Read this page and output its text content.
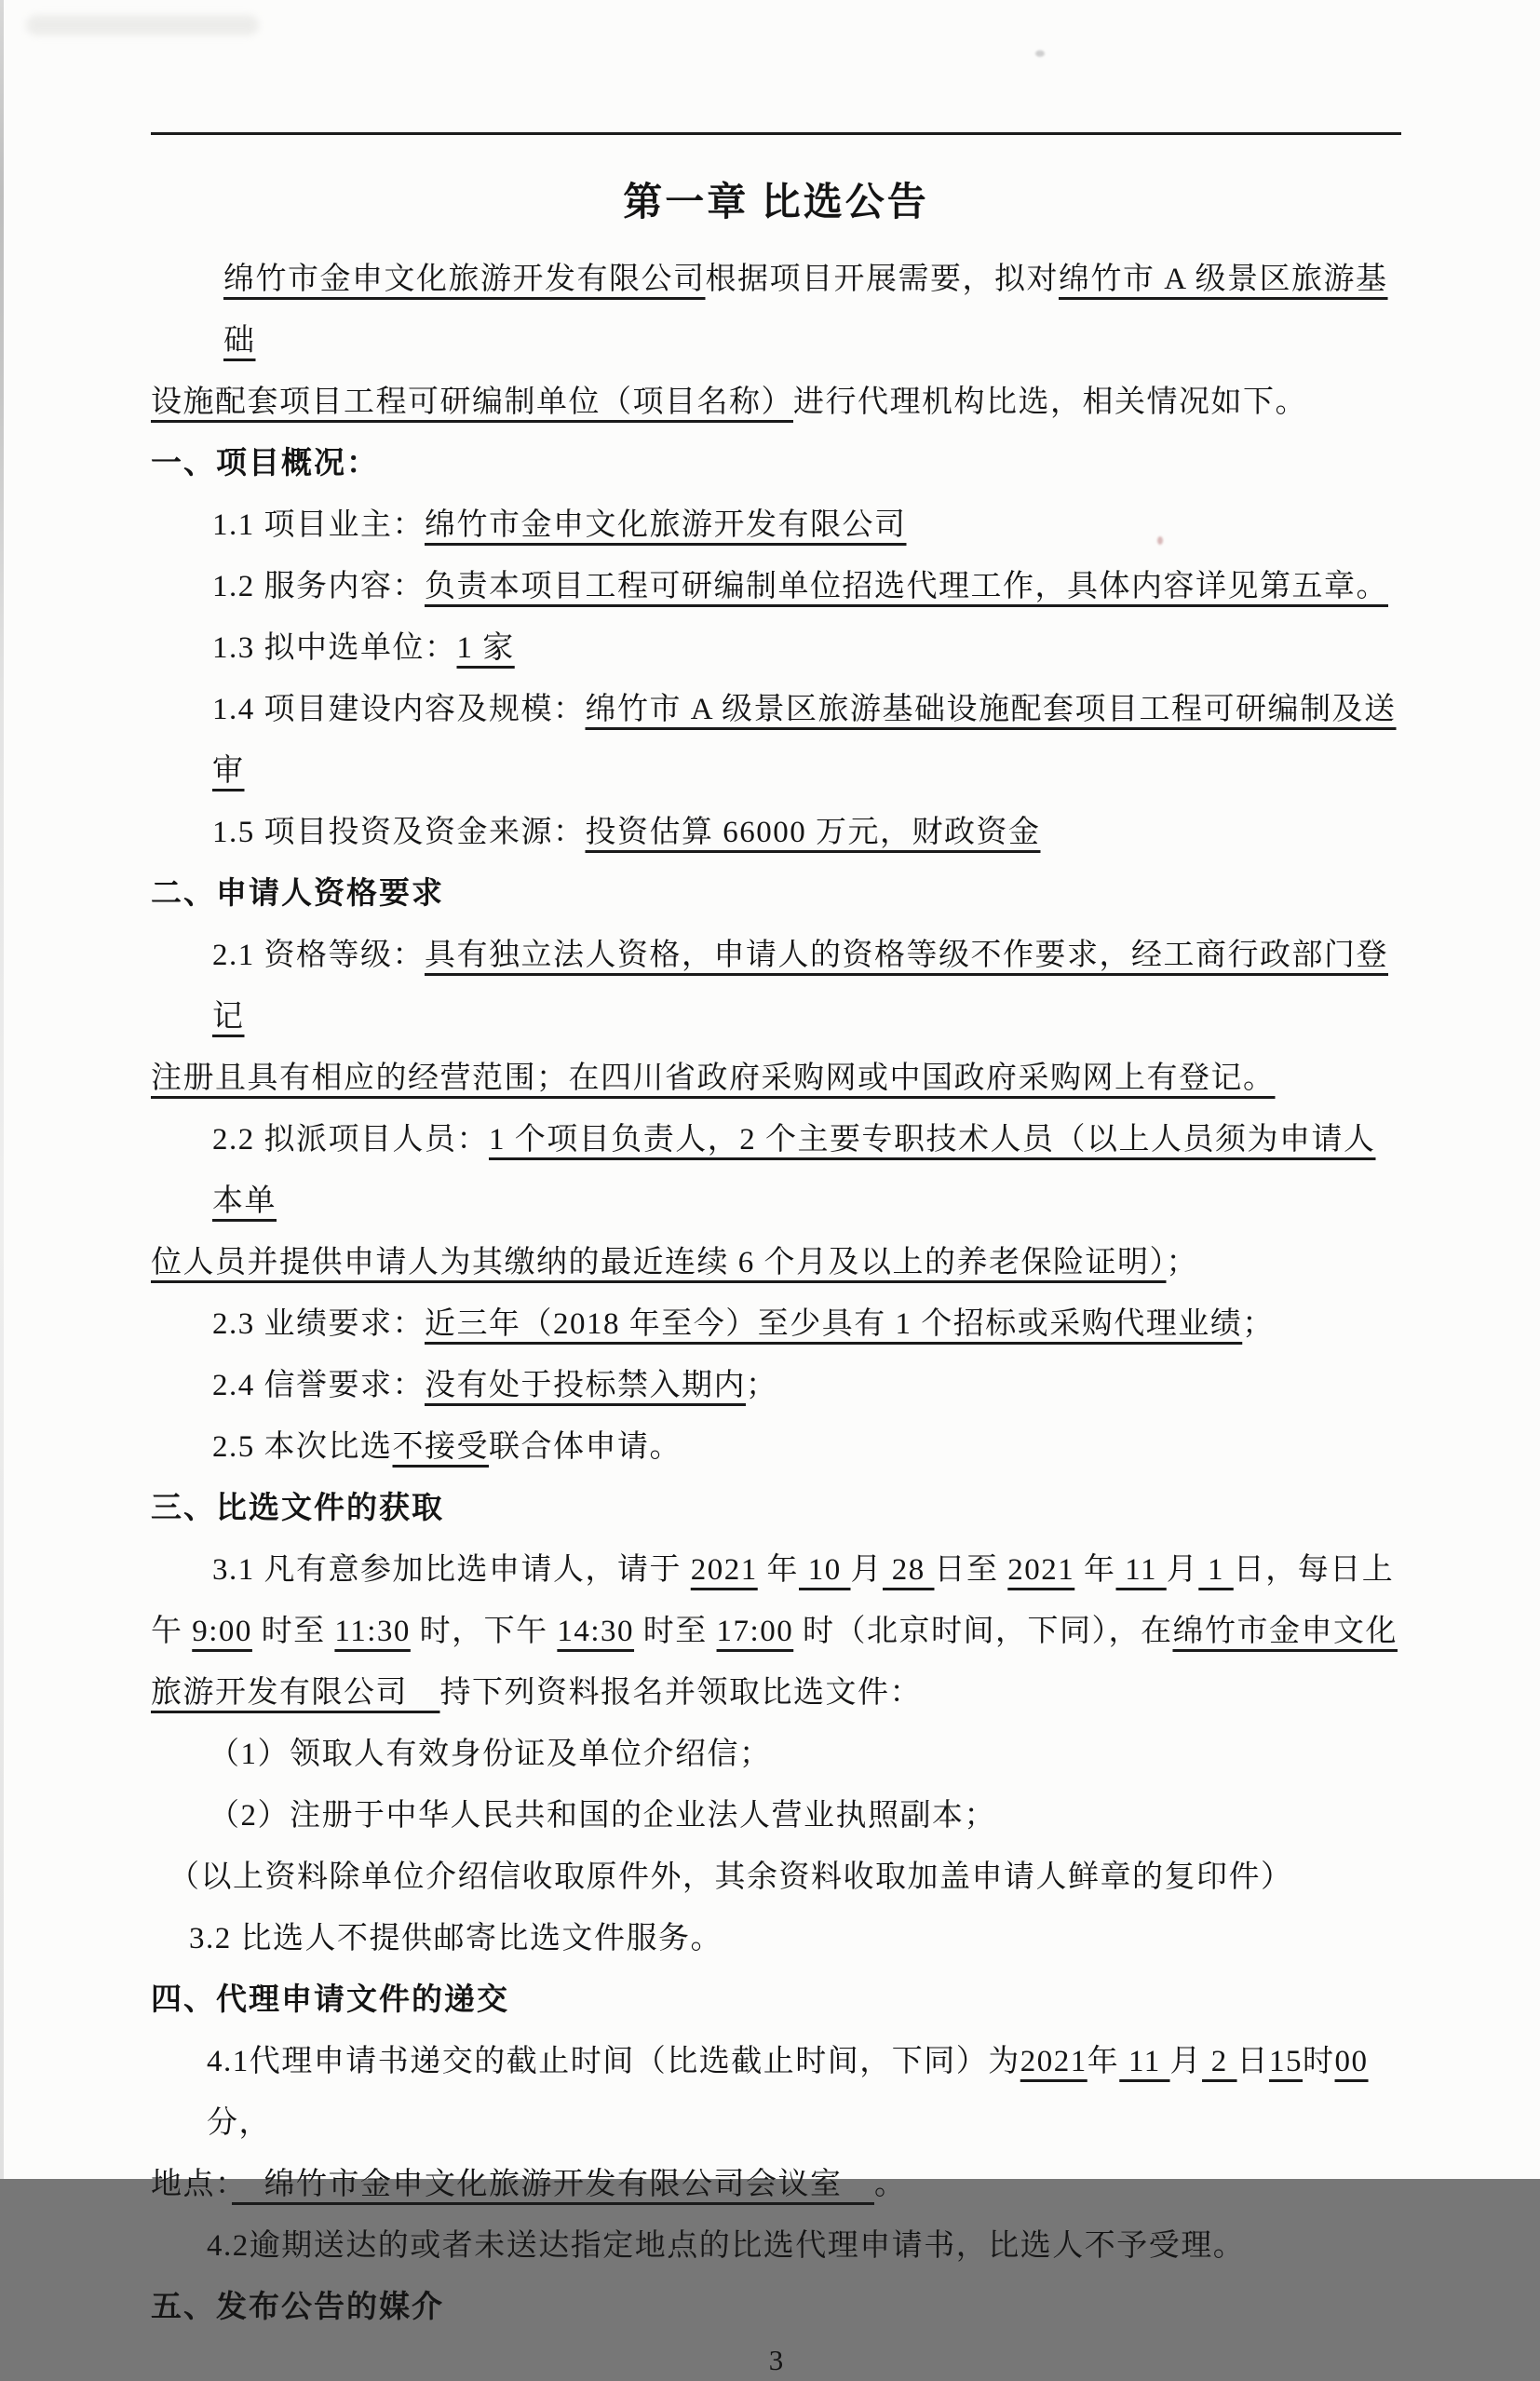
第一章 比选公告
绵竹市金申文化旅游开发有限公司根据项目开展需要，拟对绵竹市 A 级景区旅游基础
设施配套项目工程可研编制单位（项目名称）进行代理机构比选，相关情况如下。
一、项目概况：
1.1 项目业主：绵竹市金申文化旅游开发有限公司
1.2 服务内容：负责本项目工程可研编制单位招选代理工作，具体内容详见第五章。
1.3 拟中选单位：1 家
1.4 项目建设内容及规模：绵竹市 A 级景区旅游基础设施配套项目工程可研编制及送审
1.5 项目投资及资金来源：投资估算 66000 万元，财政资金
二、申请人资格要求
2.1 资格等级：具有独立法人资格，申请人的资格等级不作要求，经工商行政部门登记
注册且具有相应的经营范围；在四川省政府采购网或中国政府采购网上有登记。
2.2 拟派项目人员：1 个项目负责人，2 个主要专职技术人员（以上人员须为申请人本单
位人员并提供申请人为其缴纳的最近连续 6 个月及以上的养老保险证明）；
2.3 业绩要求：近三年（2018 年至今）至少具有 1 个招标或采购代理业绩；
2.4 信誉要求：没有处于投标禁入期内；
2.5 本次比选不接受联合体申请。
三、比选文件的获取
3.1 凡有意参加比选申请人，请于 2021 年 10 月 28 日至 2021 年 11 月 1 日，每日上
午 9:00 时至 11:30 时，下午 14:30 时至 17:00 时（北京时间，下同），在绵竹市金申文化
旅游开发有限公司　持下列资料报名并领取比选文件：
（1）领取人有效身份证及单位介绍信；
（2）注册于中华人民共和国的企业法人营业执照副本；
（以上资料除单位介绍信收取原件外，其余资料收取加盖申请人鲜章的复印件）
3.2 比选人不提供邮寄比选文件服务。
四、代理申请文件的递交
4.1代理申请书递交的截止时间（比选截止时间，下同）为2021年 11 月 2 日15时00分，
地点：　绵竹市金申文化旅游开发有限公司会议室　。
4.2逾期送达的或者未送达指定地点的比选代理申请书，比选人不予受理。
五、发布公告的媒介
3
